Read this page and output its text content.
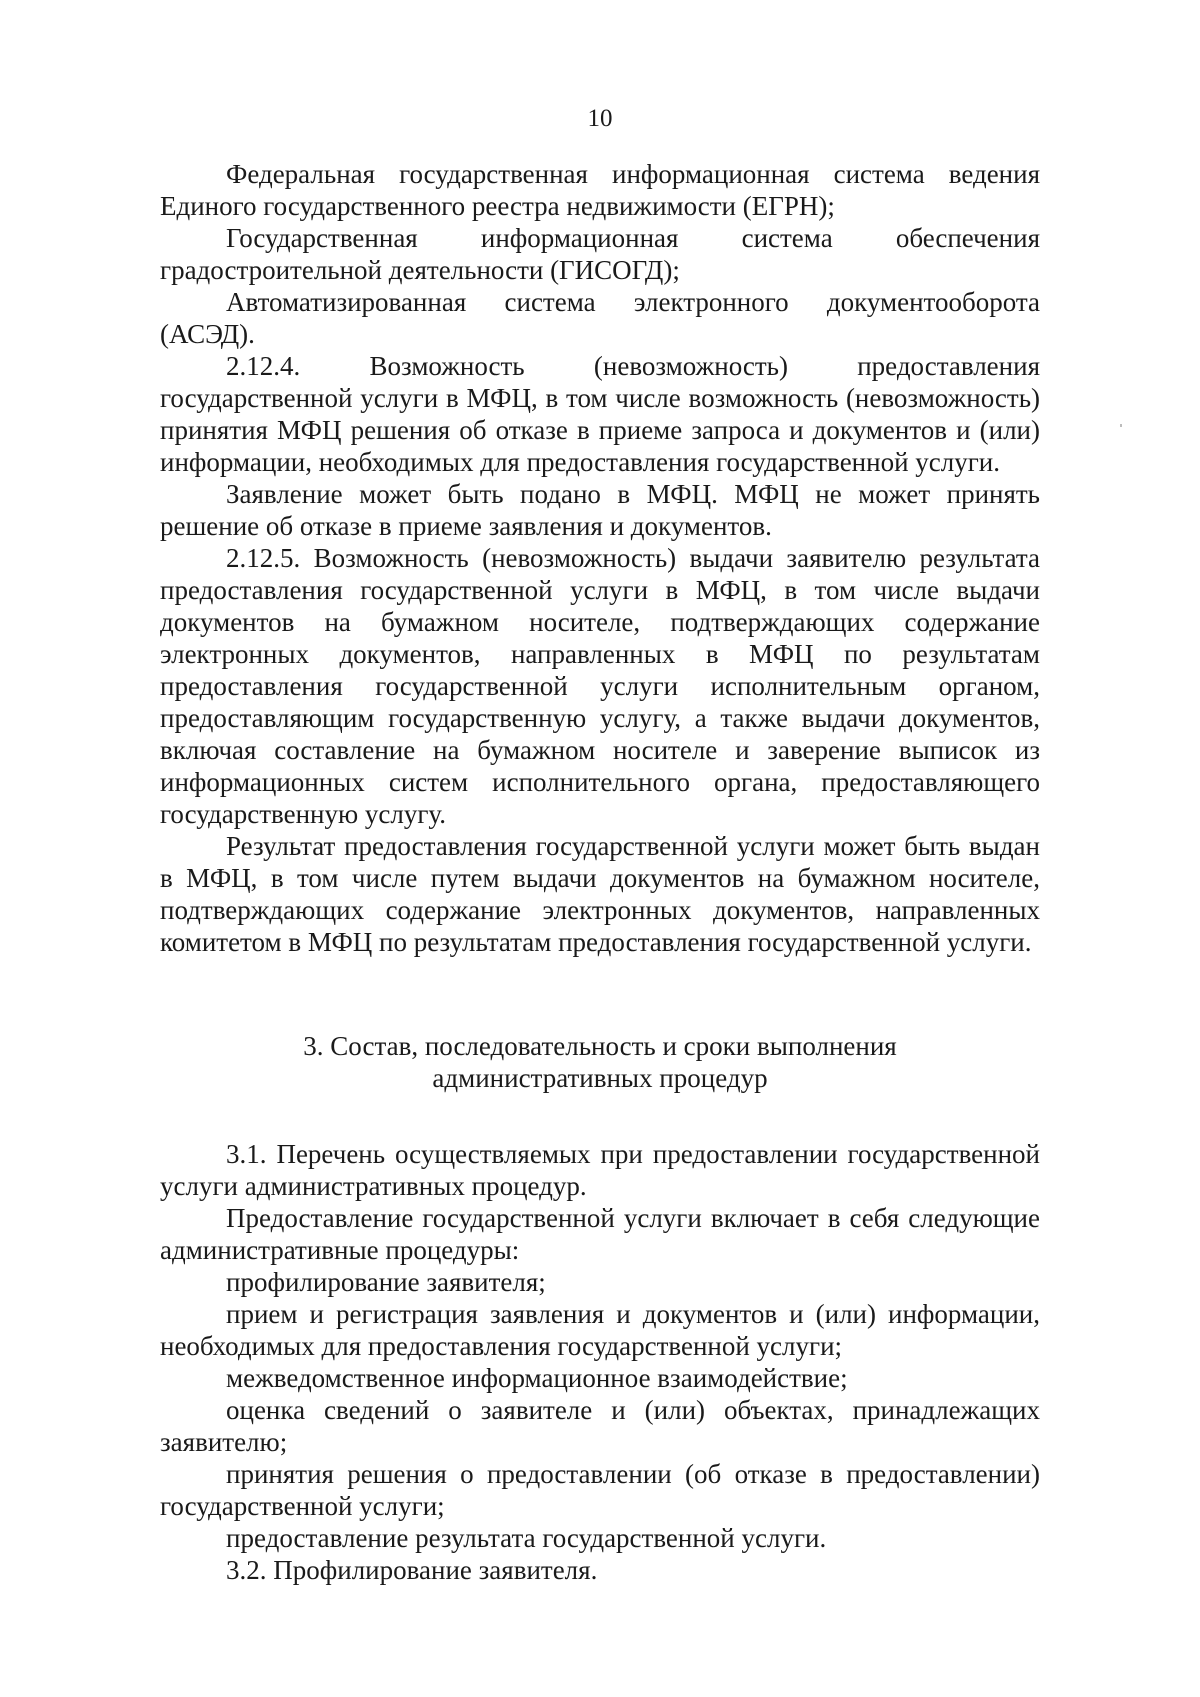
10

Федеральная государственная информационная система ведения Единого государственного реестра недвижимости (ЕГРН);

Государственная информационная система обеспечения градостроительной деятельности (ГИСОГД);

Автоматизированная система электронного документооборота (АСЭД).

2.12.4. Возможность (невозможность) предоставления государственной услуги в МФЦ, в том числе возможность (невозможность) принятия МФЦ решения об отказе в приеме запроса и документов и (или) информации, необходимых для предоставления государственной услуги.

Заявление может быть подано в МФЦ. МФЦ не может принять решение об отказе в приеме заявления и документов.

2.12.5. Возможность (невозможность) выдачи заявителю результата предоставления государственной услуги в МФЦ, в том числе выдачи документов на бумажном носителе, подтверждающих содержание электронных документов, направленных в МФЦ по результатам предоставления государственной услуги исполнительным органом, предоставляющим государственную услугу, а также выдачи документов, включая составление на бумажном носителе и заверение выписок из информационных систем исполнительного органа, предоставляющего государственную услугу.

Результат предоставления государственной услуги может быть выдан в МФЦ, в том числе путем выдачи документов на бумажном носителе, подтверждающих содержание электронных документов, направленных комитетом в МФЦ по результатам предоставления государственной услуги.

3. Состав, последовательность и сроки выполнения
административных процедур

3.1. Перечень осуществляемых при предоставлении государственной услуги административных процедур.

Предоставление государственной услуги включает в себя следующие административные процедуры:

профилирование заявителя;

прием и регистрация заявления и документов и (или) информации, необходимых для предоставления государственной услуги;

межведомственное информационное взаимодействие;

оценка сведений о заявителе и (или) объектах, принадлежащих заявителю;

принятия решения о предоставлении (об отказе в предоставлении) государственной услуги;

предоставление результата государственной услуги.

3.2. Профилирование заявителя.
